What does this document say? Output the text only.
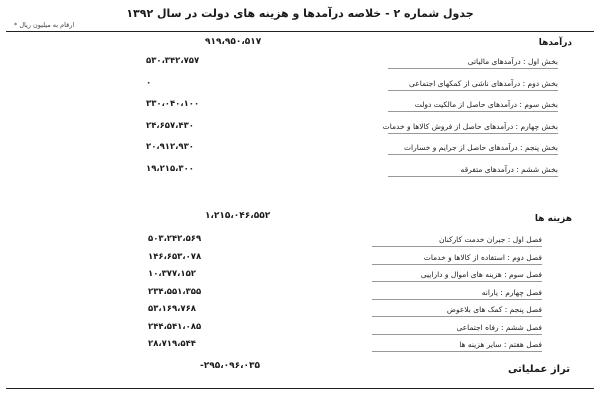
جدول شماره ۲ - خلاصه درآمدها و هزینه های دولت در سال ۱۳۹۲
ارقام به میلیون ریال *
درآمدها
۹۱۹،۹۵۰،۵۱۷
بخش اول : درآمدهای مالیاتی
۵۳۰،۳۴۲،۷۵۷
بخش دوم : درآمدهای ناشی از کمکهای اجتماعی
۰
بخش سوم : درآمدهای حاصل از مالکیت دولت
۳۳۰،۰۴۰،۱۰۰
بخش چهارم : درآمدهای حاصل از فروش کالاها و خدمات
۲۴،۶۵۷،۴۳۰
بخش پنجم : درآمدهای حاصل از جرایم و خسارات
۲۰،۹۱۲،۹۳۰
بخش ششم : درآمدهای متفرقه
۱۹،۲۱۵،۳۰۰
هزینه ها
۱،۲۱۵،۰۴۶،۵۵۲
فصل اول : جبران خدمت کارکنان
۵۰۳،۲۴۲،۵۶۹
فصل دوم : استفاده از کالاها و خدمات
۱۴۶،۶۵۳،۰۷۸
فصل سوم : هزینه های اموال و داراییی
۱۰،۳۷۷،۱۵۲
فصل چهارم : یارانه
۲۳۴،۵۵۱،۳۵۵
فصل پنجم : کمک های بلاعوض
۵۳،۱۶۹،۷۶۸
فصل ششم : رفاه اجتماعی
۲۴۴،۵۴۱،۰۸۵
فصل هفتم : سایر هزینه ها
۲۸،۷۱۹،۵۴۴
تراز عملیاتی
-۲۹۵،۰۹۶،۰۳۵
